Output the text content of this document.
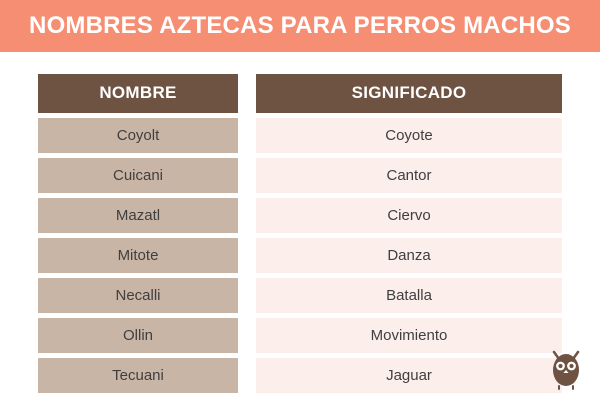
NOMBRES AZTECAS PARA PERROS MACHOS
NOMBRE
Coyolt
Cuicani
Mazatl
Mitote
Necalli
Ollin
Tecuani
SIGNIFICADO
Coyote
Cantor
Ciervo
Danza
Batalla
Movimiento
Jaguar
